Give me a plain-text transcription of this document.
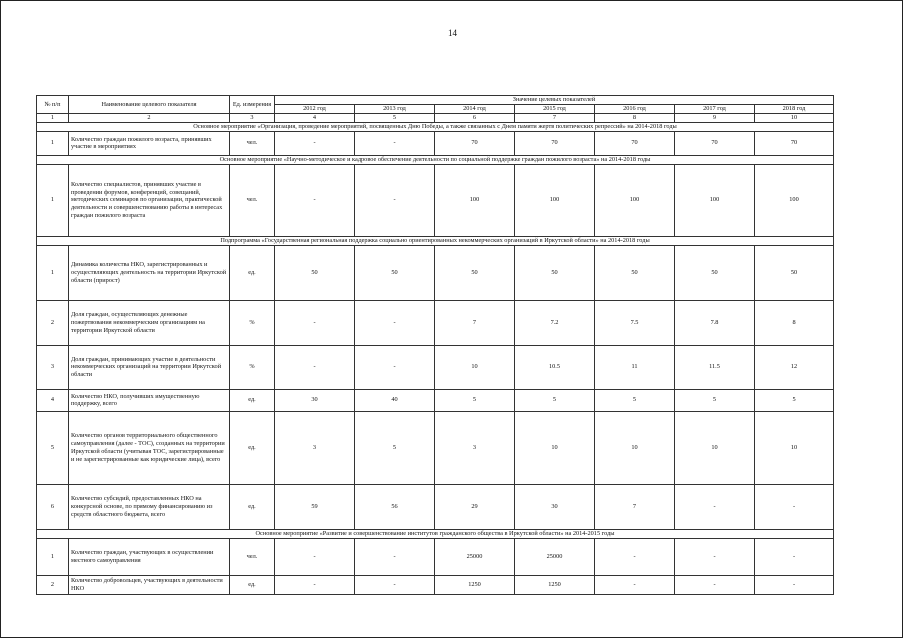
14
№ п/п	Наименование целевого показателя	Ед. измерения	Значение целевых показателей						
			2012 год	2013 год	2014 год	2015 год	2016 год	2017 год	2018 год
1	2	3	4	5	6	7	8	9	10
Основное мероприятие «Организация, проведение мероприятий, посвященных Дню Победы, а также связанных с Днем памяти жертв политических репрессий» на 2014-2018 годы									
1	Количество граждан пожилого возраста, принявших участие в мероприятиях	чел.	-	-	70	70	70	70	70
Основное мероприятие «Научно-методическое и кадровое обеспечение деятельности по социальной поддержке граждан пожилого возраста» на 2014-2018 годы									
1	Количество специалистов, принявших участие в проведении форумов, конференций, совещаний, методических семинаров по организации, практической деятельности и совершенствованию работы в интересах граждан пожилого возраста	чел.	-	-	100	100	100	100	100
Подпрограмма «Государственная региональная поддержка социально ориентированных некоммерческих организаций в Иркутской области» на 2014-2018 годы									
1	Динамика количества НКО, зарегистрированных и осуществляющих деятельность на территории Иркутской области (прирост)	ед.	50	50	50	50	50	50	50
2	Доля граждан, осуществляющих денежные пожертвования некоммерческим организациям на территории Иркутской области	%	-	-	7	7.2	7.5	7.8	8
3	Доля граждан, принимающих участие в деятельности некоммерческих организаций на территории Иркутской области	%	-	-	10	10.5	11	11.5	12
4	Количество НКО, получивших имущественную поддержку, всего	ед.	30	40	5	5	5	5	5
5	Количество органов территориального общественного самоуправления (далее - ТОС), созданных на территории Иркутской области (учитывая ТОС, зарегистрированные и не зарегистрированные как юридические лица), всего	ед.	3	5	3	10	10	10	10
6	Количество субсидий, предоставленных НКО на конкурсной основе, по прямому финансированию из средств областного бюджета, всего	ед.	59	56	29	30	7	-	-
Основное мероприятие «Развитие и совершенствование институтов гражданского общества в Иркутской области» на 2014-2015 годы									
1	Количество граждан, участвующих в осуществлении местного самоуправления	чел.	-	-	25000	25000	-	-	-
2	Количество добровольцев, участвующих в деятельности НКО	ед.	-	-	1250	1250	-	-	-
